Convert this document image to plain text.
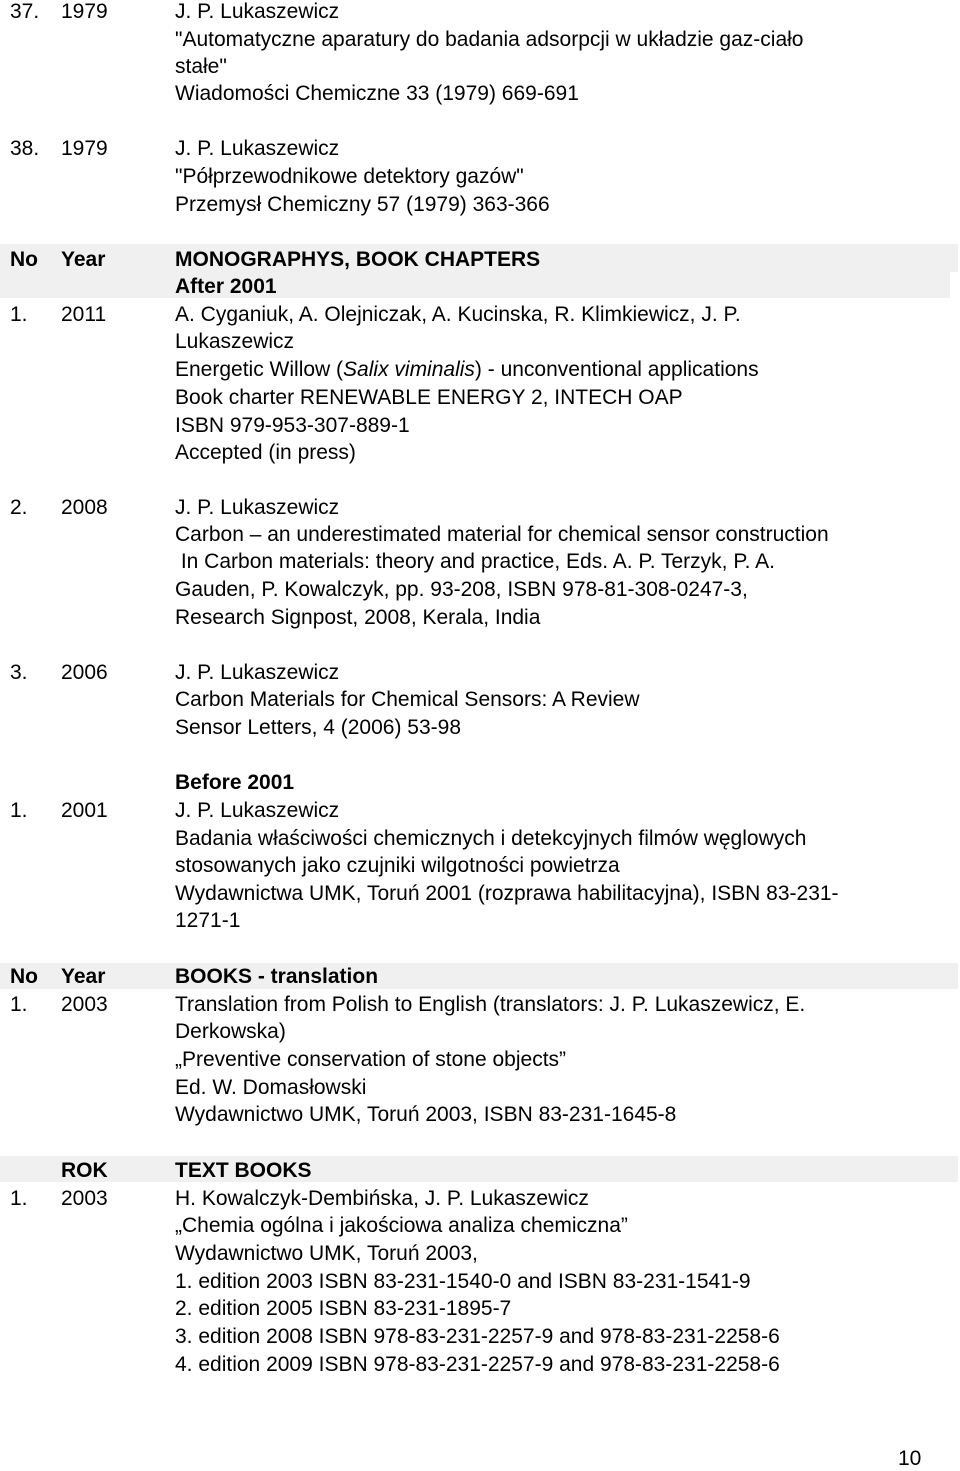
37. 1979	J. P. Lukaszewicz
"Automatyczne aparatury do badania adsorpcji w układzie gaz-ciało
stałe"
Wiadomości Chemiczne 33 (1979) 669-691
38. 1979	J. P. Lukaszewicz
"Półprzewodnikowe detektory gazów"
Przemysł Chemiczny 57 (1979) 363-366
No Year	MONOGRAPHYS, BOOK CHAPTERS
After 2001
1. 2011	A. Cyganiuk, A. Olejniczak, A. Kucinska, R. Klimkiewicz, J. P.
Lukaszewicz
Energetic Willow (Salix viminalis) - unconventional applications
Book charter RENEWABLE ENERGY 2, INTECH OAP
ISBN 979-953-307-889-1
Accepted (in press)
2. 2008	J. P. Lukaszewicz
Carbon – an underestimated material for chemical sensor construction
In Carbon materials: theory and practice, Eds. A. P. Terzyk, P. A.
Gauden, P. Kowalczyk, pp. 93-208, ISBN 978-81-308-0247-3,
Research Signpost, 2008, Kerala, India
3. 2006	J. P. Lukaszewicz
Carbon Materials for Chemical Sensors: A Review
Sensor Letters, 4 (2006) 53-98
Before 2001
1. 2001	J. P. Lukaszewicz
Badania właściwości chemicznych i detekcyjnych filmów węglowych
stosowanych jako czujniki wilgotności powietrza
Wydawnictwa UMK, Toruń 2001 (rozprawa habilitacyjna), ISBN 83-231-
1271-1
No Year	BOOKS - translation
1. 2003	Translation from Polish to English (translators: J. P. Lukaszewicz, E.
Derkowska)
„Preventive conservation of stone objects”
Ed. W. Domasłowski
Wydawnictwo UMK, Toruń 2003, ISBN 83-231-1645-8
ROK	TEXT BOOKS
1. 2003	H. Kowalczyk-Dembińska, J. P. Lukaszewicz
„Chemia ogólna i jakościowa analiza chemiczna”
Wydawnictwo UMK, Toruń 2003,
1. edition 2003 ISBN 83-231-1540-0 and ISBN 83-231-1541-9
2. edition 2005 ISBN 83-231-1895-7
3. edition 2008 ISBN 978-83-231-2257-9 and 978-83-231-2258-6
4. edition 2009 ISBN 978-83-231-2257-9 and 978-83-231-2258-6
10
